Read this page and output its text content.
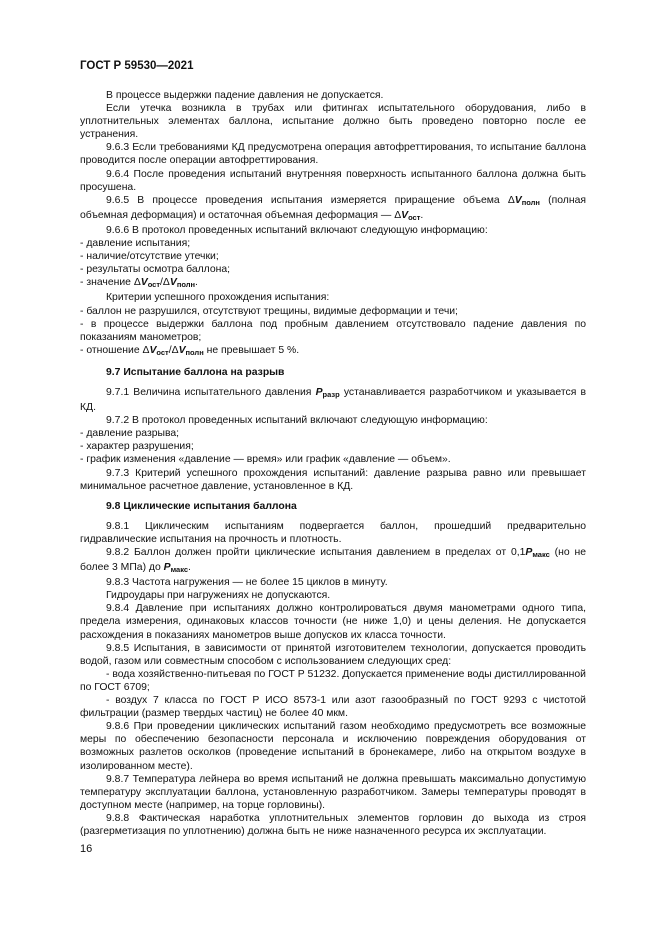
ГОСТ Р 59530—2021

В процессе выдержки падение давления не допускается.

Если утечка возникла в трубах или фитингах испытательного оборудования, либо в уплотнительных элементах баллона, испытание должно быть проведено повторно после ее устранения.

9.6.3 Если требованиями КД предусмотрена операция автофреттирования, то испытание баллона проводится после операции автофреттирования.

9.6.4 После проведения испытаний внутренняя поверхность испытанного баллона должна быть просушена.

9.6.5 В процессе проведения испытания измеряется приращение объема ΔVполн (полная объемная деформация) и остаточная объемная деформация — ΔVост.

9.6.6 В протокол проведенных испытаний включают следующую информацию:

- давление испытания;

- наличие/отсутствие утечки;

- результаты осмотра баллона;

- значение ΔVост/ΔVполн.

Критерии успешного прохождения испытания:

- баллон не разрушился, отсутствуют трещины, видимые деформации и течи;

- в процессе выдержки баллона под пробным давлением отсутствовало падение давления по показаниям манометров;

- отношение ΔVост/ΔVполн не превышает 5 %.

9.7 Испытание баллона на разрыв

9.7.1 Величина испытательного давления Pразр устанавливается разработчиком и указывается в КД.

9.7.2 В протокол проведенных испытаний включают следующую информацию:

- давление разрыва;

- характер разрушения;

- график изменения «давление — время» или график «давление — объем».

9.7.3 Критерий успешного прохождения испытаний: давление разрыва равно или превышает минимальное расчетное давление, установленное в КД.

9.8 Циклические испытания баллона

9.8.1 Циклическим испытаниям подвергается баллон, прошедший предварительно гидравлические испытания на прочность и плотность.

9.8.2 Баллон должен пройти циклические испытания давлением в пределах от 0,1Pмакс (но не более 3 МПа) до Pмакс.

9.8.3 Частота нагружения — не более 15 циклов в минуту.

Гидроудары при нагружениях не допускаются.

9.8.4 Давление при испытаниях должно контролироваться двумя манометрами одного типа, предела измерения, одинаковых классов точности (не ниже 1,0) и цены деления. Не допускается расхождения в показаниях манометров выше допусков их класса точности.

9.8.5 Испытания, в зависимости от принятой изготовителем технологии, допускается проводить водой, газом или совместным способом с использованием следующих сред:

- вода хозяйственно-питьевая по ГОСТ Р 51232. Допускается применение воды дистиллированной по ГОСТ 6709;

- воздух 7 класса по ГОСТ Р ИСО 8573-1 или азот газообразный по ГОСТ 9293 с чистотой фильтрации (размер твердых частиц) не более 40 мкм.

9.8.6 При проведении циклических испытаний газом необходимо предусмотреть все возможные меры по обеспечению безопасности персонала и исключению повреждения оборудования от возможных разлетов осколков (проведение испытаний в бронекамере, либо на открытом воздухе в изолированном месте).

9.8.7 Температура лейнера во время испытаний не должна превышать максимально допустимую температуру эксплуатации баллона, установленную разработчиком. Замеры температуры проводят в доступном месте (например, на торце горловины).

9.8.8 Фактическая наработка уплотнительных элементов горловин до выхода из строя (разгерметизация по уплотнению) должна быть не ниже назначенного ресурса их эксплуатации.

16
